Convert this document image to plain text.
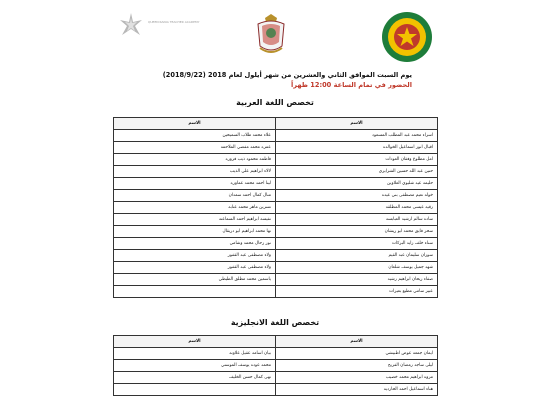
QUEEN RANIA TEACHER ACADEMY
يوم السبت الموافق الثاني والعشرين من شهر أيلول لعام 2018 (2018/9/22)
الحضور في تمام الساعة 12:00 ظهراً
تخصص اللغة العربية
الاسم	الاسم
اسراء محمد عبد المطلب المسعود	علاء محمد طلاب السميحين
اقبال انور اسماعيل الخوالده	عمره محمد مفضي الملاحمه
امل مطلوع وفقان العودات	فاطمه محمود ذيب فروره
حنين عبد الله حسين الشرايري	لالاء ابراهيم علي الذيب
حليمه عيد شليوي العلاوين	لينا احمد محمد عماوره
خوله نعيم مصطفى بني عيده	منال كمال احمد سمدان
رقيه عيسى محمد المطلقه	نسرين ماهر محمد عنابه
ساده سالم ارشيد العبابسه	نفيسه ابراهيم احمد السماعنه
سحر فايق محمد ابو ريشان	نها محمد ابراهيم ابو دريقال
سناء خلف زايد البركات	نور زحال محمد وشامي
سوزان سليمان عبد القيم	ولاء مصطفى عبد القفور
شهد جميل يوسف شلعان	ولاء مصطفى عبد القفور
صفاء ريحان ابراهيم رشيد	ياسمين محمد مطلق الطيطي
عبير سامي مطيع بعيرات	
تخصص اللغة الانجليزية
الاسم	الاسم
ايمان جمعه عوض اطبيشي	بيان اسامه عقيل علاونه
ليلى ساجد رمضان الفريح	محمد عوده يوسف الموستي
مروه ابراهيم محمد خضيب	نهى كمال حسن الخليف
هناء اسماعيل احمد الحارديه	
